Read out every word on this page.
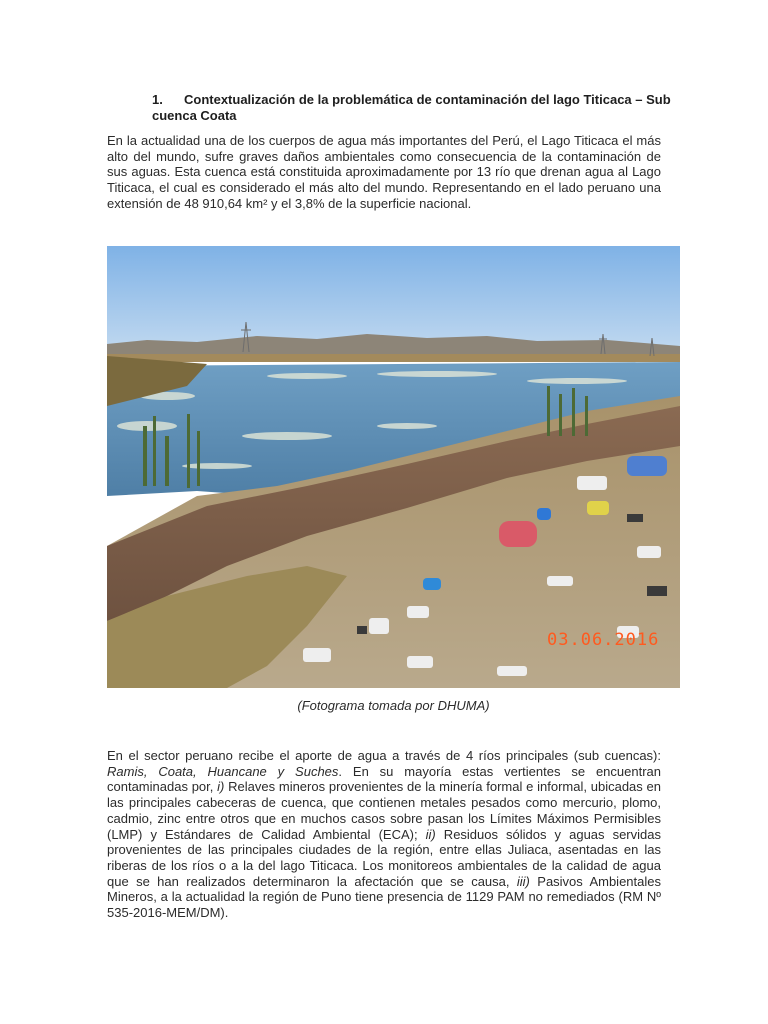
1. Contextualización de la problemática de contaminación del lago Titicaca – Sub cuenca Coata
En la actualidad una de los cuerpos de agua más importantes del Perú, el Lago Titicaca el más alto del mundo, sufre graves daños ambientales como consecuencia de la contaminación de sus aguas. Esta cuenca está constituida aproximadamente por 13 río que drenan agua al Lago Titicaca, el cual es considerado el más alto del mundo. Representando en el lado peruano una extensión de 48 910,64 km² y el 3,8% de la superficie nacional.
03.06.2016
(Fotograma tomada por DHUMA)
En el sector peruano recibe el aporte de agua a través de 4 ríos principales (sub cuencas): Ramis, Coata, Huancane y Suches. En su mayoría estas vertientes se encuentran contaminadas por, i) Relaves mineros provenientes de la minería formal e informal, ubicadas en las principales cabeceras de cuenca, que contienen metales pesados como mercurio, plomo, cadmio, zinc entre otros que en muchos casos sobre pasan los Límites Máximos Permisibles (LMP) y Estándares de Calidad Ambiental (ECA); ii) Residuos sólidos y aguas servidas provenientes de las principales ciudades de la región, entre ellas Juliaca, asentadas en las riberas de los ríos o a la del lago Titicaca. Los monitoreos ambientales de la calidad de agua que se han realizados determinaron la afectación que se causa, iii) Pasivos Ambientales Mineros, a la actualidad la región de Puno tiene presencia de 1129 PAM no remediados (RM Nº 535-2016-MEM/DM).
